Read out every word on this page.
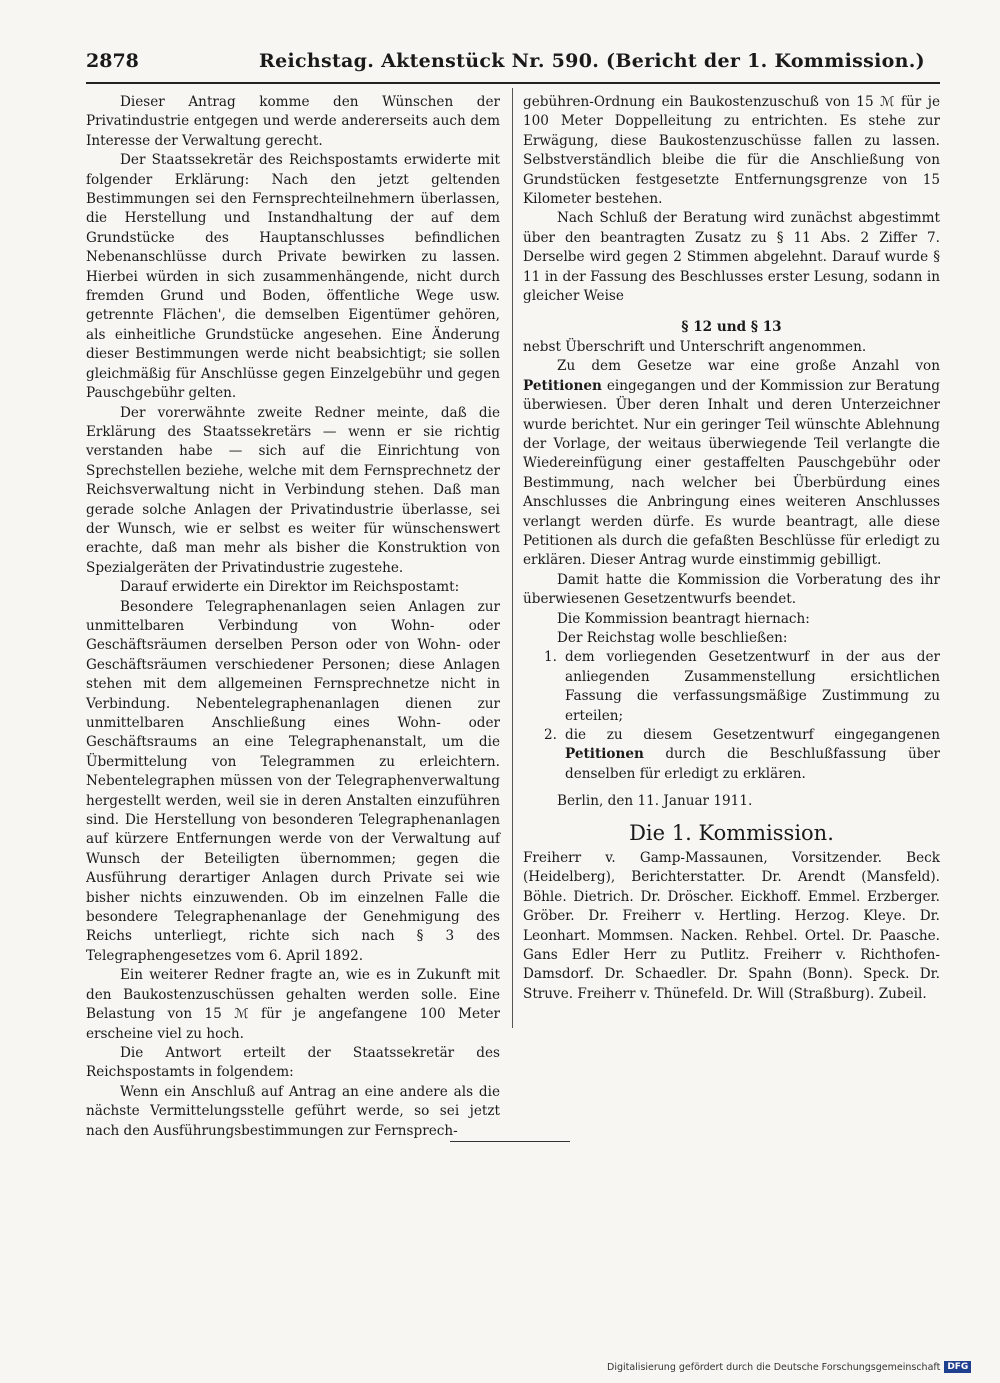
2878	Reichstag. Aktenstück Nr. 590. (Bericht der 1. Kommission.)

Dieser Antrag komme den Wünschen der Privatindustrie entgegen und werde andererseits auch dem Interesse der Verwaltung gerecht.

Der Staatssekretär des Reichspostamts erwiderte mit folgender Erklärung: Nach den jetzt geltenden Bestimmungen sei den Fernsprechteilnehmern überlassen, die Herstellung und Instandhaltung der auf dem Grundstücke des Hauptanschlusses befindlichen Nebenanschlüsse durch Private bewirken zu lassen. Hierbei würden in sich zusammenhängende, nicht durch fremden Grund und Boden, öffentliche Wege usw. getrennte Flächen', die demselben Eigentümer gehören, als einheitliche Grundstücke angesehen. Eine Änderung dieser Bestimmungen werde nicht beabsichtigt; sie sollen gleichmäßig für Anschlüsse gegen Einzelgebühr und gegen Pauschgebühr gelten.

Der vorerwähnte zweite Redner meinte, daß die Erklärung des Staatssekretärs — wenn er sie richtig verstanden habe — sich auf die Einrichtung von Sprechstellen beziehe, welche mit dem Fernsprechnetz der Reichsverwaltung nicht in Verbindung stehen. Daß man gerade solche Anlagen der Privatindustrie überlasse, sei der Wunsch, wie er selbst es weiter für wünschenswert erachte, daß man mehr als bisher die Konstruktion von Spezialgeräten der Privatindustrie zugestehe.

Darauf erwiderte ein Direktor im Reichspostamt:

Besondere Telegraphenanlagen seien Anlagen zur unmittelbaren Verbindung von Wohn- oder Geschäftsräumen derselben Person oder von Wohn- oder Geschäftsräumen verschiedener Personen; diese Anlagen stehen mit dem allgemeinen Fernsprechnetze nicht in Verbindung. Nebentelegraphenanlagen dienen zur unmittelbaren Anschließung eines Wohn- oder Geschäftsraums an eine Telegraphenanstalt, um die Übermittelung von Telegrammen zu erleichtern. Nebentelegraphen müssen von der Telegraphenverwaltung hergestellt werden, weil sie in deren Anstalten einzuführen sind. Die Herstellung von besonderen Telegraphenanlagen auf kürzere Entfernungen werde von der Verwaltung auf Wunsch der Beteiligten übernommen; gegen die Ausführung derartiger Anlagen durch Private sei wie bisher nichts einzuwenden. Ob im einzelnen Falle die besondere Telegraphenanlage der Genehmigung des Reichs unterliegt, richte sich nach § 3 des Telegraphengesetzes vom 6. April 1892.

Ein weiterer Redner fragte an, wie es in Zukunft mit den Baukostenzuschüssen gehalten werden solle. Eine Belastung von 15 ℳ für je angefangene 100 Meter erscheine viel zu hoch.

Die Antwort erteilt der Staatssekretär des Reichspostamts in folgendem:

Wenn ein Anschluß auf Antrag an eine andere als die nächste Vermittelungsstelle geführt werde, so sei jetzt nach den Ausführungsbestimmungen zur Fernsprech-

gebühren-Ordnung ein Baukostenzuschuß von 15 ℳ für je 100 Meter Doppelleitung zu entrichten. Es stehe zur Erwägung, diese Baukostenzuschüsse fallen zu lassen. Selbstverständlich bleibe die für die Anschließung von Grundstücken festgesetzte Entfernungsgrenze von 15 Kilometer bestehen.

Nach Schluß der Beratung wird zunächst abgestimmt über den beantragten Zusatz zu § 11 Abs. 2 Ziffer 7. Derselbe wird gegen 2 Stimmen abgelehnt. Darauf wurde § 11 in der Fassung des Beschlusses erster Lesung, sodann in gleicher Weise

§ 12 und § 13

nebst Überschrift und Unterschrift angenommen.

Zu dem Gesetze war eine große Anzahl von Petitionen eingegangen und der Kommission zur Beratung überwiesen. Über deren Inhalt und deren Unterzeichner wurde berichtet. Nur ein geringer Teil wünschte Ablehnung der Vorlage, der weitaus überwiegende Teil verlangte die Wiedereinfügung einer gestaffelten Pauschgebühr oder Bestimmung, nach welcher bei Überbürdung eines Anschlusses die Anbringung eines weiteren Anschlusses verlangt werden dürfe. Es wurde beantragt, alle diese Petitionen als durch die gefaßten Beschlüsse für erledigt zu erklären. Dieser Antrag wurde einstimmig gebilligt.

Damit hatte die Kommission die Vorberatung des ihr überwiesenen Gesetzentwurfs beendet.

Die Kommission beantragt hiernach:

Der Reichstag wolle beschließen:

1. dem vorliegenden Gesetzentwurf in der aus der anliegenden Zusammenstellung ersichtlichen Fassung die verfassungsmäßige Zustimmung zu erteilen;
2. die zu diesem Gesetzentwurf eingegangenen Petitionen durch die Beschlußfassung über denselben für erledigt zu erklären.

Berlin, den 11. Januar 1911.

Die 1. Kommission.

Freiherr v. Gamp-Massaunen, Vorsitzender. Beck (Heidelberg), Berichterstatter. Dr. Arendt (Mansfeld). Böhle. Dietrich. Dr. Dröscher. Eickhoff. Emmel. Erzberger. Gröber. Dr. Freiherr v. Hertling. Herzog. Kleye. Dr. Leonhart. Mommsen. Nacken. Rehbel. Ortel. Dr. Paasche. Gans Edler Herr zu Putlitz. Freiherr v. Richthofen-Damsdorf. Dr. Schaedler. Dr. Spahn (Bonn). Speck. Dr. Struve. Freiherr v. Thünefeld. Dr. Will (Straßburg). Zubeil.

Digitalisierung gefördert durch die Deutsche Forschungsgemeinschaft DFG
